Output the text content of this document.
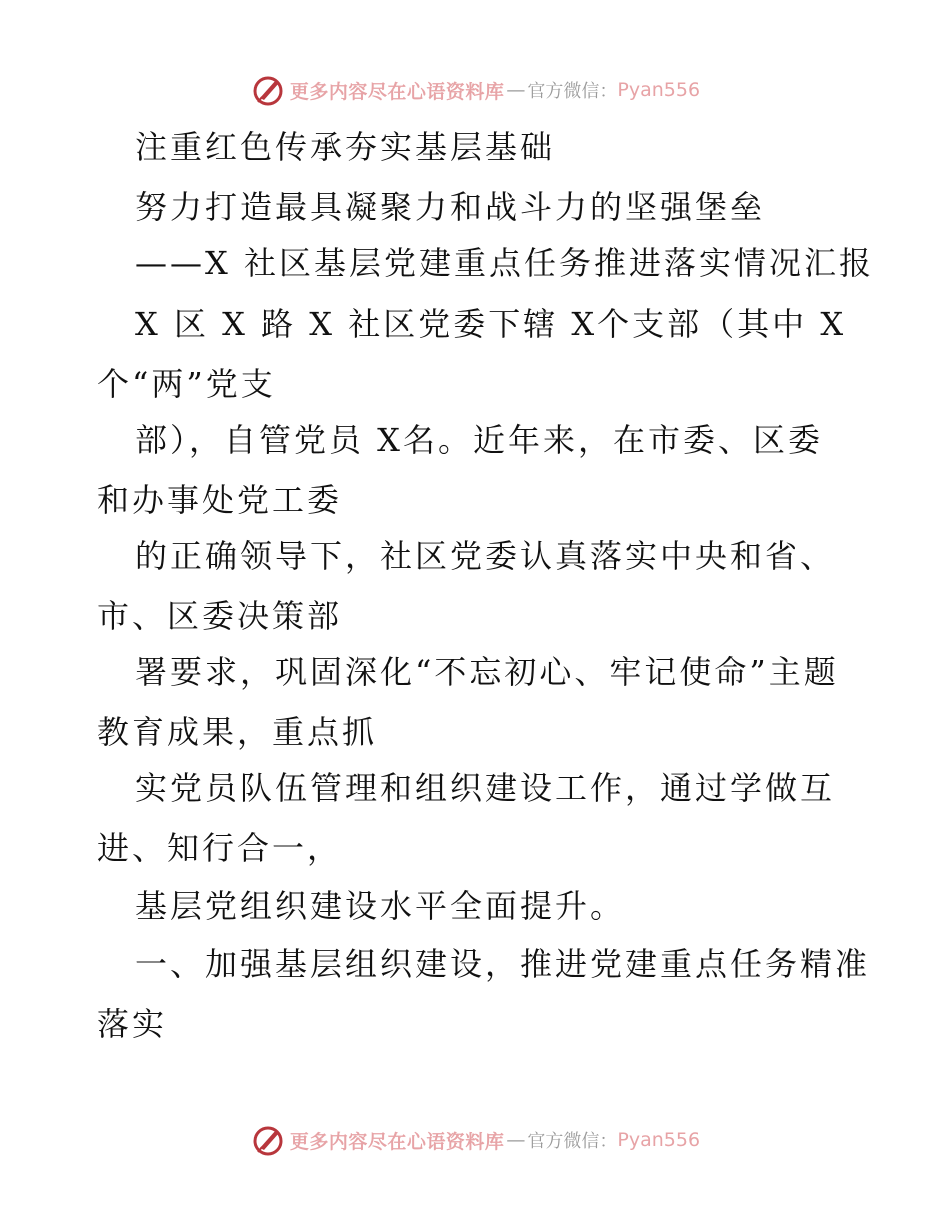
更多内容尽在心语资料库 — 官方微信： Pyan556
注重红色传承夯实基层基础
努力打造最具凝聚力和战斗力的坚强堡垒
——X 社区基层党建重点任务推进落实情况汇报
X 区 X 路 X 社区党委下辖 X个支部（其中 X
个“两”党支
部），自管党员 X名。近年来，在市委、区委
和办事处党工委
的正确领导下，社区党委认真落实中央和省、
市、区委决策部
署要求，巩固深化“不忘初心、牢记使命”主题
教育成果，重点抓
实党员队伍管理和组织建设工作，通过学做互
进、知行合一，
基层党组织建设水平全面提升。
一、加强基层组织建设，推进党建重点任务精准
落实
更多内容尽在心语资料库 — 官方微信： Pyan556
